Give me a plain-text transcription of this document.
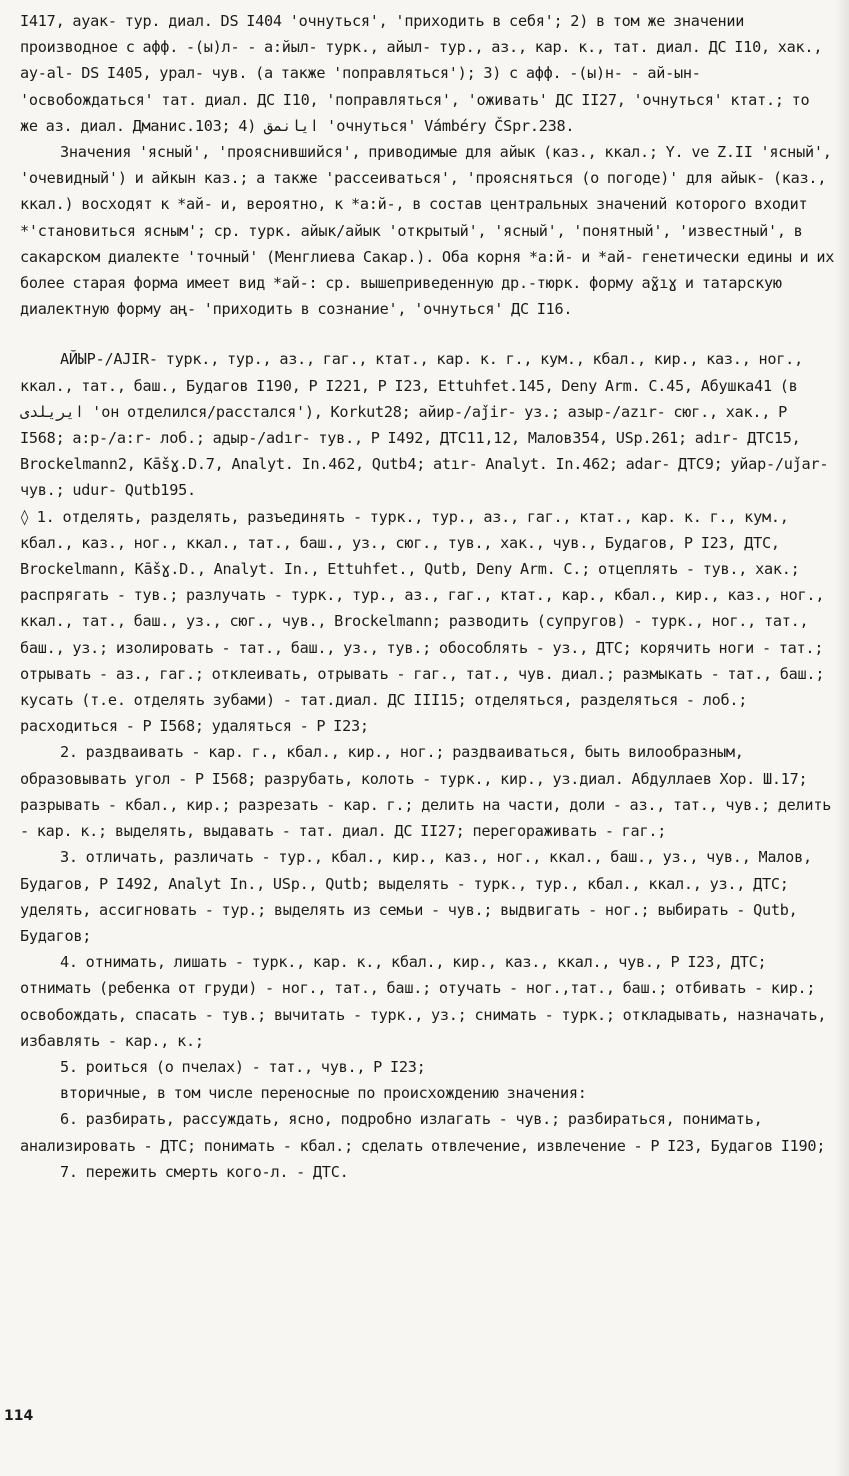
I417, аyак- тур. диал. DS I404 'очнуться', 'приходить в себя'; 2) в том же значении производное с афф. -(ы)л- - а:йыл- турк., айыл- тур., аз., кар. к., тат. диал. ДС I10, хак., ay-al- DS I405, урал- чув. (а также 'поправляться'); 3) с афф. -(ы)н- - ай-ын- 'освобождаться' тат. диал. ДС I10, 'поправляться', 'оживать' ДС II27, 'очнуться' ктат.; то же аз. диал. Дманис.103; 4) ايانمق 'очнуться' Vámbéry ČSpr.238.

Значения 'ясный', 'прояснившийся', приводимые для айык (каз., ккал.; Y. ve Z.II 'ясный', 'очевидный') и айкын каз.; а также 'рассеиваться', 'проясняться (о погоде)' для айык- (каз., ккал.) восходят к *ай- и, вероятно, к *а:й-, в состав центральных значений которого входит *'становиться ясным'; ср. турк. айык/айык 'открытый', 'ясный', 'понятный', 'известный', в сакарском диалекте 'точный' (Менглиева Сакар.). Оба корня *а:й- и *ай- генетически едины и их более старая форма имеет вид *ай-: ср. вышеприведенную др.-тюрк. форму аɣ̃ıɣ и татарскую диалектную форму аң- 'приходить в сознание', 'очнуться' ДС I16.

АЙЫР-/AJIR- турк., тур., аз., гаг., ктат., кар. к. г., кум., кбал., кир., каз., ног., ккал., тат., баш., Будагов I190, Р I221, Р I23, Ettuhfet.145, Deny Arm. C.45, Абушка41 (в ايريلدى 'он отделился/расстался'), Korkut28; айир-/aǰir- уз.; азыр-/azır- сюг., хак., Р I568; а:р-/a:r- лоб.; адыр-/adır- тув., Р I492, ДТС11,12, Малов354, USp.261; adır- ДТС15, Brockelmann2, Kāšɣ.D.7, Analyt. In.462, Qutb4; atır- Analyt. In.462; adar- ДТС9; уйар-/uǰar- чув.; udur- Qutb195.

◊ 1. отделять, разделять, разъединять - турк., тур., аз., гаг., ктат., кар. к. г., кум., кбал., каз., ног., ккал., тат., баш., уз., сюг., тув., хак., чув., Будагов, Р I23, ДТС, Brockelmann, Kāšɣ.D., Analyt. In., Ettuhfet., Qutb, Deny Arm. C.; отцеплять - тув., хак.; распрягать - тув.; разлучать - турк., тур., аз., гаг., ктат., кар., кбал., кир., каз., ног., ккал., тат., баш., уз., сюг., чув., Brockelmann; разводить (супругов) - турк., ног., тат., баш., уз.; изолировать - тат., баш., уз., тув.; обособлять - уз., ДТС; корячить ноги - тат.; отрывать - аз., гаг.; отклеивать, отрывать - гаг., тат., чув. диал.; размыкать - тат., баш.; кусать (т.е. отделять зубами) - тат.диал. ДС III15; отделяться, разделяться - лоб.; расходиться - Р I568; удаляться - Р I23;

2. раздваивать - кар. г., кбал., кир., ног.; раздваиваться, быть вилообразным, образовывать угол - Р I568; разрубать, колоть - турк., кир., уз.диал. Абдуллаев Хор. Ш.17; разрывать - кбал., кир.; разрезать - кар. г.; делить на части, доли - аз., тат., чув.; делить - кар. к.; выделять, выдавать - тат. диал. ДС II27; перегораживать - гаг.;

3. отличать, различать - тур., кбал., кир., каз., ног., ккал., баш., уз., чув., Малов, Будагов, Р I492, Analyt In., USp., Qutb; выделять - турк., тур., кбал., ккал., уз., ДТС; уделять, ассигновать - тур.; выделять из семьи - чув.; выдвигать - ног.; выбирать - Qutb, Будагов;

4. отнимать, лишать - турк., кар. к., кбал., кир., каз., ккал., чув., Р I23, ДТС; отнимать (ребенка от груди) - ног., тат., баш.; отучать - ног.,тат., баш.; отбивать - кир.; освобождать, спасать - тув.; вычитать - турк., уз.; снимать - турк.; откладывать, назначать, избавлять - кар., к.;

5. роиться (о пчелах) - тат., чув., Р I23;

вторичные, в том числе переносные по происхождению значения:

6. разбирать, рассуждать, ясно, подробно излагать - чув.; разбираться, понимать, анализировать - ДТС; понимать - кбал.; сделать отвлечение, извлечение - Р I23, Будагов I190;

7. пережить смерть кого-л. - ДТС.

114
